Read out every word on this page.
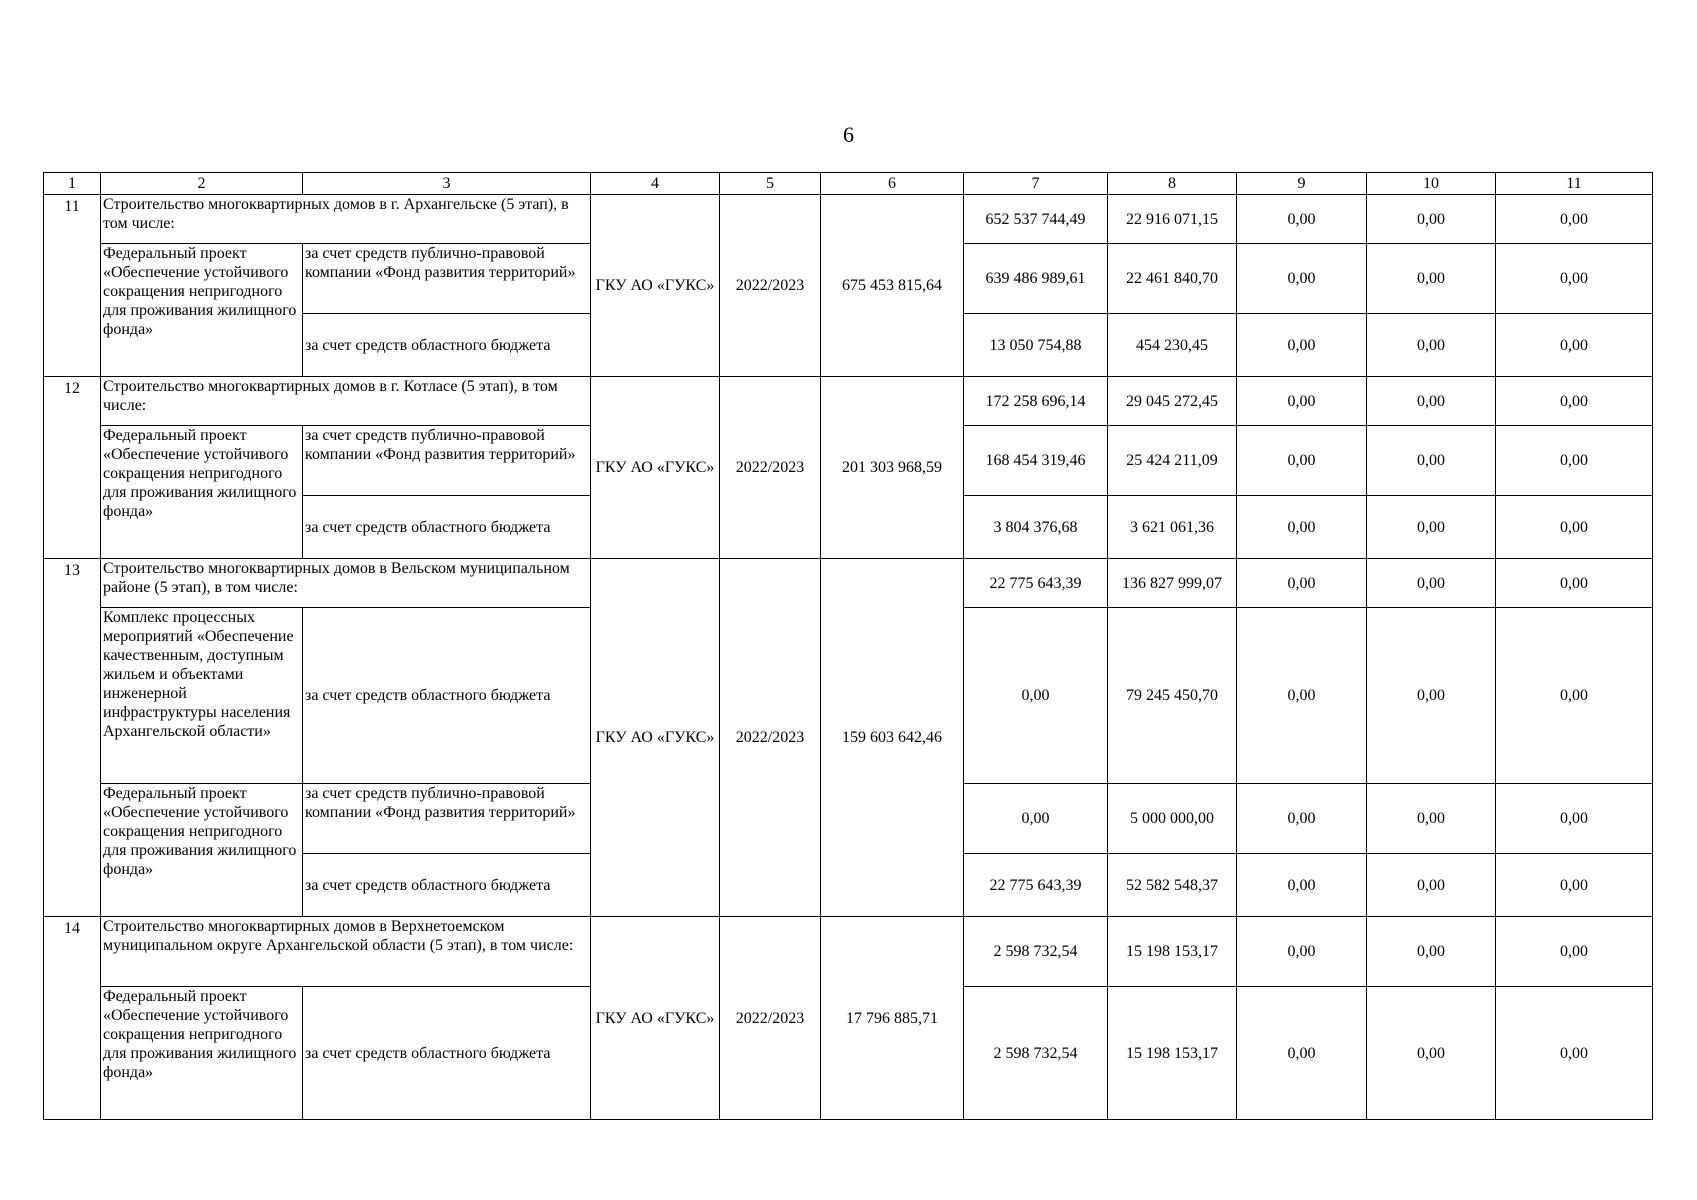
6
1	2	3	4	5	6	7	8	9	10	11
11	Строительство многоквартирных домов в г. Архангельске (5 этап), в том числе:		ГКУ АО «ГУКС»	2022/2023	675 453 815,64	652 537 744,49	22 916 071,15	0,00	0,00	0,00
	Федеральный проект «Обеспечение устойчивого сокращения непригодного для проживания жилищного фонда»	за счет средств публично-правовой компании «Фонд развития территорий»				639 486 989,61	22 461 840,70	0,00	0,00	0,00
		за счет средств областного бюджета				13 050 754,88	454 230,45	0,00	0,00	0,00
12	Строительство многоквартирных домов в г. Котласе (5 этап), в том числе:		ГКУ АО «ГУКС»	2022/2023	201 303 968,59	172 258 696,14	29 045 272,45	0,00	0,00	0,00
	Федеральный проект «Обеспечение устойчивого сокращения непригодного для проживания жилищного фонда»	за счет средств публично-правовой компании «Фонд развития территорий»				168 454 319,46	25 424 211,09	0,00	0,00	0,00
		за счет средств областного бюджета				3 804 376,68	3 621 061,36	0,00	0,00	0,00
13	Строительство многоквартирных домов в Вельском муниципальном районе (5 этап), в том числе:		ГКУ АО «ГУКС»	2022/2023	159 603 642,46	22 775 643,39	136 827 999,07	0,00	0,00	0,00
	Комплекс процессных мероприятий «Обеспечение качественным, доступным жильем и объектами инженерной инфраструктуры населения Архангельской области»	за счет средств областного бюджета				0,00	79 245 450,70	0,00	0,00	0,00
	Федеральный проект «Обеспечение устойчивого сокращения непригодного для проживания жилищного фонда»	за счет средств публично-правовой компании «Фонд развития территорий»				0,00	5 000 000,00	0,00	0,00	0,00
		за счет средств областного бюджета				22 775 643,39	52 582 548,37	0,00	0,00	0,00
14	Строительство многоквартирных домов в Верхнетоемском муниципальном округе Архангельской области (5 этап), в том числе:		ГКУ АО «ГУКС»	2022/2023	17 796 885,71	2 598 732,54	15 198 153,17	0,00	0,00	0,00
	Федеральный проект «Обеспечение устойчивого сокращения непригодного для проживания жилищного фонда»	за счет средств областного бюджета				2 598 732,54	15 198 153,17	0,00	0,00	0,00
